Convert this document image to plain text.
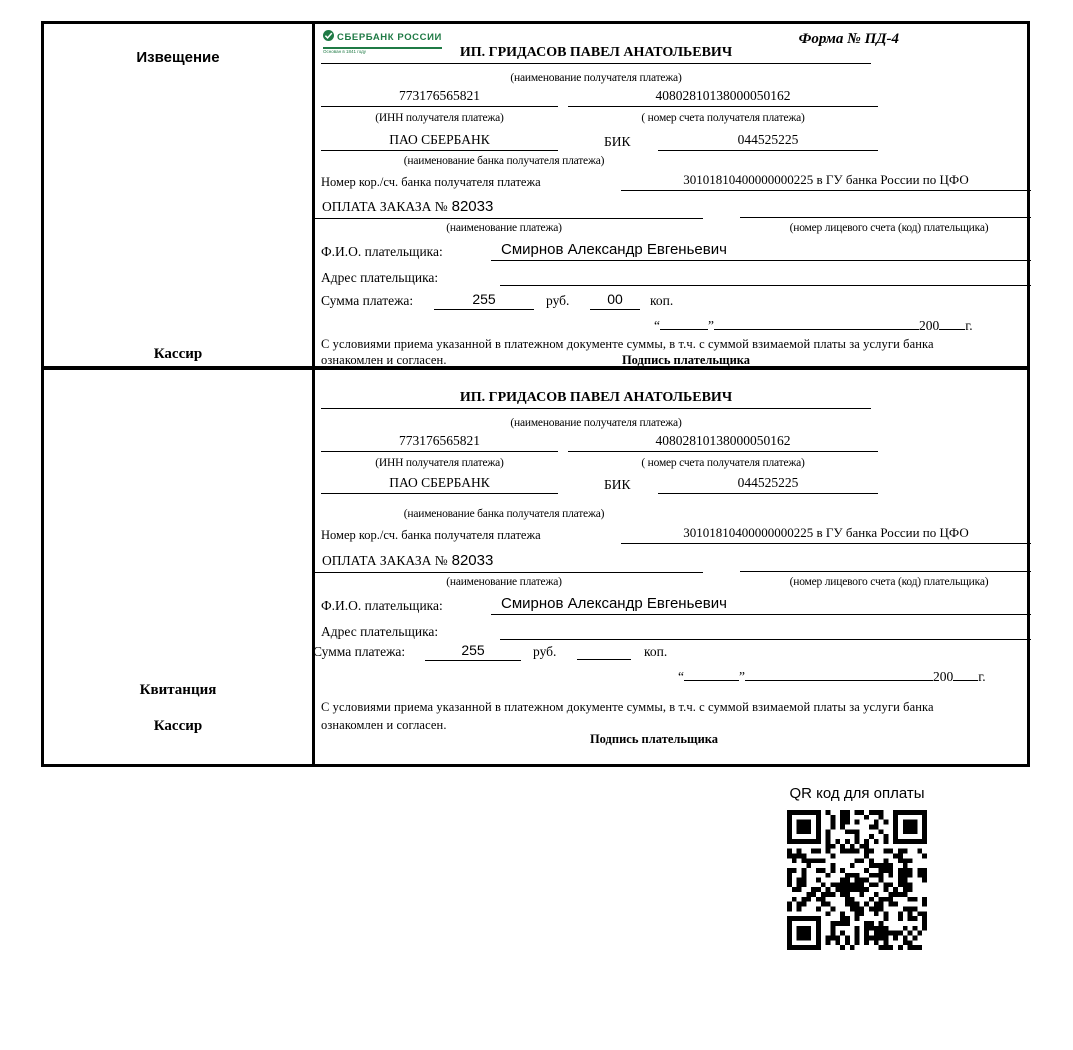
Извещение
Кассир
СБЕРБАНК РОССИИ
Основан в 1841 году
Форма № ПД-4
ИП. ГРИДАСОВ ПАВЕЛ АНАТОЛЬЕВИЧ
(наименование получателя платежа)
773176565821	40802810138000050162
(ИНН получателя платежа)	( номер счета получателя платежа)
ПАО СБЕРБАНК	БИК	044525225
(наименование банка получателя платежа)
Номер кор./сч. банка получателя платежа	30101810400000000225 в ГУ банка России по ЦФО
ОПЛАТА ЗАКАЗА № 82033
(наименование платежа)	(номер лицевого счета (код) плательщика)
Ф.И.О. плательщика:	Смирнов Александр Евгеньевич
Адрес плательщика:
Сумма платежа:	255	руб.	00	коп.
“	”	200 г.
С условиями приема указанной в платежном документе суммы, в т.ч. с суммой взимаемой платы за услуги банка
ознакомлен и согласен.	Подпись плательщика
Квитанция
Кассир
ИП. ГРИДАСОВ ПАВЕЛ АНАТОЛЬЕВИЧ
(наименование получателя платежа)
773176565821	40802810138000050162
(ИНН получателя платежа)	( номер счета получателя платежа)
ПАО СБЕРБАНК	БИК	044525225
(наименование банка получателя платежа)
Номер кор./сч. банка получателя платежа	30101810400000000225 в ГУ банка России по ЦФО
ОПЛАТА ЗАКАЗА № 82033
(наименование платежа)	(номер лицевого счета (код) плательщика)
Ф.И.О. плательщика:	Смирнов Александр Евгеньевич
Адрес плательщика:
Сумма платежа:	255	руб.	коп.
“	”	200 г.
С условиями приема указанной в платежном документе суммы, в т.ч. с суммой взимаемой платы за услуги банка
ознакомлен и согласен.
Подпись плательщика
QR код для оплаты
